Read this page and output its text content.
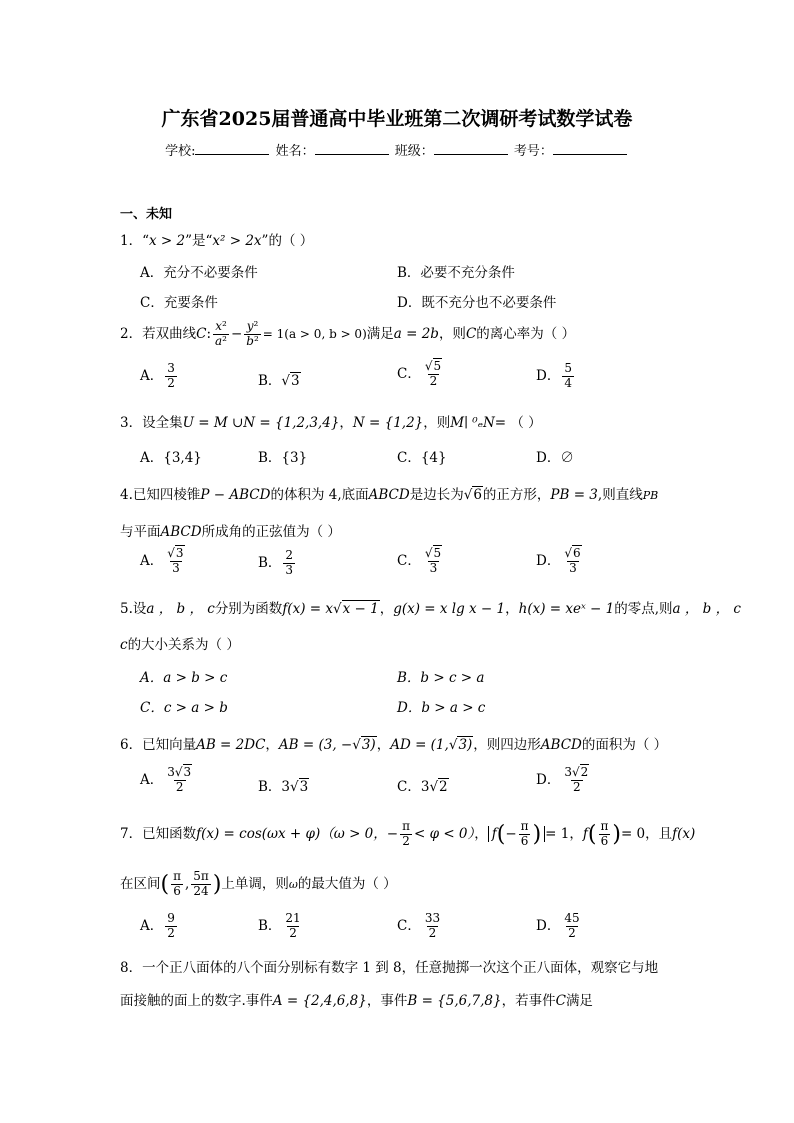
广东省2025届普通高中毕业班第二次调研考试数学试卷
学校:	姓名：	班级：	考号：
一、未知
1．“x > 2”是“x² > 2x”的（ ）
A．充分不必要条件	B．必要不充分条件
C．充要条件	D．既不充分也不必要条件
2．若双曲线C: $\frac{\text{x²}}{\text{a²}} - \frac{\text{y²}}{\text{b²}} = 1(a > 0$, b > 0)满足a = 2b，则C的离心率为（ ）
A． $\frac{3}{2}$	B．√3	C． $\frac{√5}{2}$	D． $\frac{5}{4}$
3．设全集U = M ∪N = {1,2,3,4}，N = {1,2}，则M∣ ⁰ₑN= （ ）
A．{3,4}	B．{3}	C．{4}	D．∅
4.已知四棱锥P − ABCD的体积为 4,底面ABCD是边长为√6的正方形，PB = 3,则直线PB
与平面ABCD所成角的正弦值为（ ）
A． $\frac{√3}{3}$	B． $\frac{2}{3}$	C． $\frac{√5}{3}$	D． $\frac{√6}{3}$
5.设a ， b ， c分别为函数f(x) = x√x − 1，g(x) = x lg x − 1，h(x) = xeˣ − 1的零点,则a ， b ， c
c的大小关系为（ ）
A．a > b > c	B．b > c > a
C．c > a > b	D．b > a > c
6．已知向量AB = 2DC，AB = (3, −√3)，AD = (1,√3)，则四边形ABCD的面积为（ ）
A． $\frac{3√3}{2}$	B．3√3	C．3√2	D． $\frac{3√2}{2}$
7．已知函数f(x) = cos(ωx + φ)（ω > 0，− $\frac{\pi}{2} < \varphi < 0$）， $f(- \frac{\pi}{6}$ ) = 1，$f( \frac{\pi}{6}$ )= 0，且f(x)
在区间( $\frac{\pi}{6}$ , $\frac{5\pi}{24}$ )上单调，则ω的最大值为（ ）
A． $\frac{9}{2}$	B． $\frac{21}{2}$	C． $\frac{33}{2}$	D． $\frac{45}{2}$
8．一个正八面体的八个面分别标有数字 1 到 8，任意抛掷一次这个正八面体，观察它与地
面接触的面上的数字.事件A = {2,4,6,8}，事件B = {5,6,7,8}，若事件C满足
